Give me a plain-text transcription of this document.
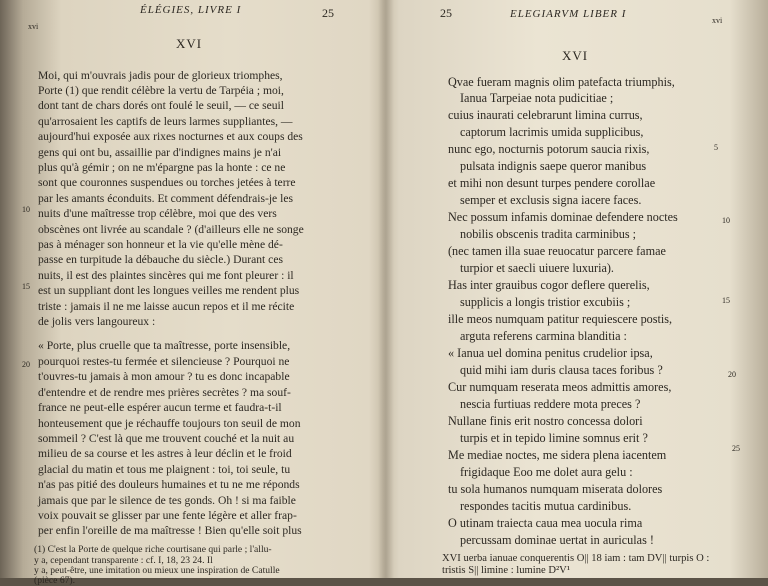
ÉLÉGIES, LIVRE I	25
xvi
XVI
Moi, qui m'ouvrais jadis pour de glorieux triomphes,
Porte (1) que rendit célèbre la vertu de Tarpéia ; moi,
dont tant de chars dorés ont foulé le seuil, — ce seuil
qu'arrosaient les captifs de leurs larmes suppliantes, —
aujourd'hui exposée aux rixes nocturnes et aux coups des
gens qui ont bu, assaillie par d'indignes mains je n'ai
plus qu'à gémir ; on ne m'épargne pas la honte : ce ne
sont que couronnes suspendues ou torches jetées à terre
par les amants éconduits. Et comment défendrais-je les
nuits d'une maîtresse trop célèbre, moi que des vers
obscènes ont livrée au scandale ? (d'ailleurs elle ne songe
pas à ménager son honneur et la vie qu'elle mène dé-
passe en turpitude la débauche du siècle.) Durant ces
nuits, il est des plaintes sincères qui me font pleurer : il
est un suppliant dont les longues veilles me rendent plus
triste : jamais il ne me laisse aucun repos et il me récite
de jolis vers langoureux :
« Porte, plus cruelle que ta maîtresse, porte insensible,
pourquoi restes-tu fermée et silencieuse ? Pourquoi ne
t'ouvres-tu jamais à mon amour ? tu es donc incapable
d'entendre et de rendre mes prières secrètes ? ma souf-
france ne peut-elle espérer aucun terme et faudra-t-il
honteusement que je réchauffe toujours ton seuil de mon
sommeil ? C'est là que me trouvent couché et la nuit au
milieu de sa course et les astres à leur déclin et le froid
glacial du matin et tous me plaignent : toi, toi seule, tu
n'as pas pitié des douleurs humaines et tu ne me réponds
jamais que par le silence de tes gonds. Oh ! si ma faible
voix pouvait se glisser par une fente légère et aller frap-
per enfin l'oreille de ma maîtresse ! Bien qu'elle soit plus
10
15
20
(1) C'est la Porte de quelque riche courtisane qui parle ; l'allu-
y a, cependant transparente : cf. I, 18, 23 24. Il
y a, peut-être, une imitation ou mieux une inspiration de Catulle
(pièce 67).
25	ELEGIARVM LIBER I
xvi
XVI
Qvae fueram magnis olim patefacta triumphis,
Ianua Tarpeiae nota pudicitiae ;
cuius inaurati celebrarunt limina currus,
captorum lacrimis umida supplicibus,
nunc ego, nocturnis potorum saucia rixis,
pulsata indignis saepe queror manibus
et mihi non desunt turpes pendere corollae
semper et exclusis signa iacere faces.
Nec possum infamis dominae defendere noctes
nobilis obscenis tradita carminibus ;
(nec tamen illa suae reuocatur parcere famae
turpior et saecli uiuere luxuria).
Has inter grauibus cogor deflere querelis,
supplicis a longis tristior excubiis ;
ille meos numquam patitur requiescere postis,
arguta referens carmina blanditia :
« Ianua uel domina penitus crudelior ipsa,
quid mihi iam duris clausa taces foribus ?
Cur numquam reserata meos admittis amores,
nescia furtiuas reddere mota preces ?
Nullane finis erit nostro concessa dolori
turpis et in tepido limine somnus erit ?
Me mediae noctes, me sidera plena iacentem
frigidaque Eoo me dolet aura gelu :
tu sola humanos numquam miserata dolores
respondes tacitis mutua cardinibus.
O utinam traiecta caua mea uocula rima
percussam dominae uertat in auriculas !
5
10
15
20
25
XVI uerba ianuae conquerentis O|| 18 iam : tam DV|| turpis O :
tristis S|| limine : lumine D²V¹
